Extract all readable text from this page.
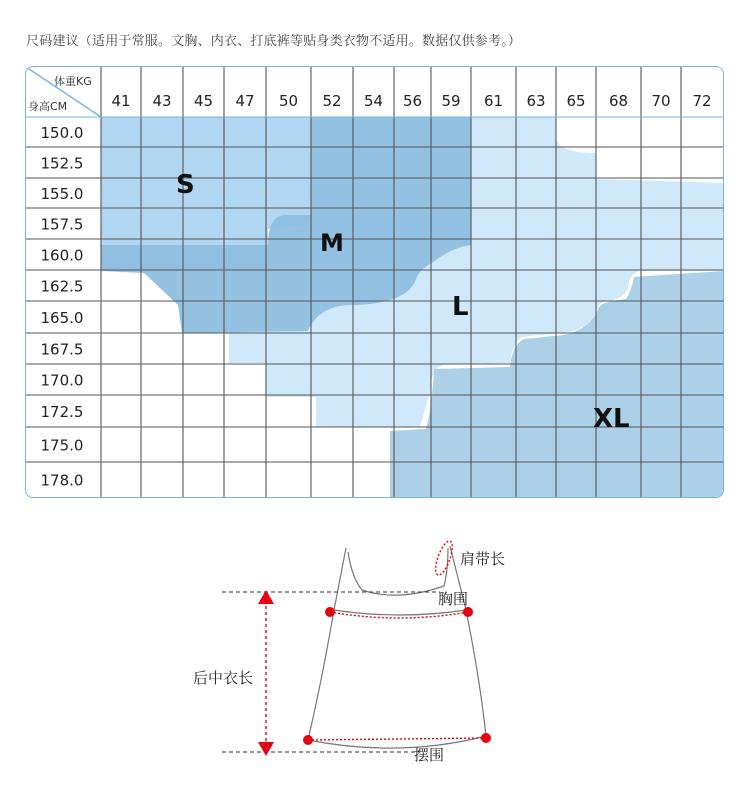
尺码建议（适用于常服。文胸、内衣、打底裤等贴身类衣物不适用。数据仅供参考。）
体重KG
身高CM	41 43 45 47 50 52 54 56 59 61 63 65 68 70 72
150.0
152.5
155.0
157.5
160.0
162.5
165.0
167.5
170.0
172.5
175.0
178.0
S
M
L
XL
肩带长
胸围
后中衣长
摆围
